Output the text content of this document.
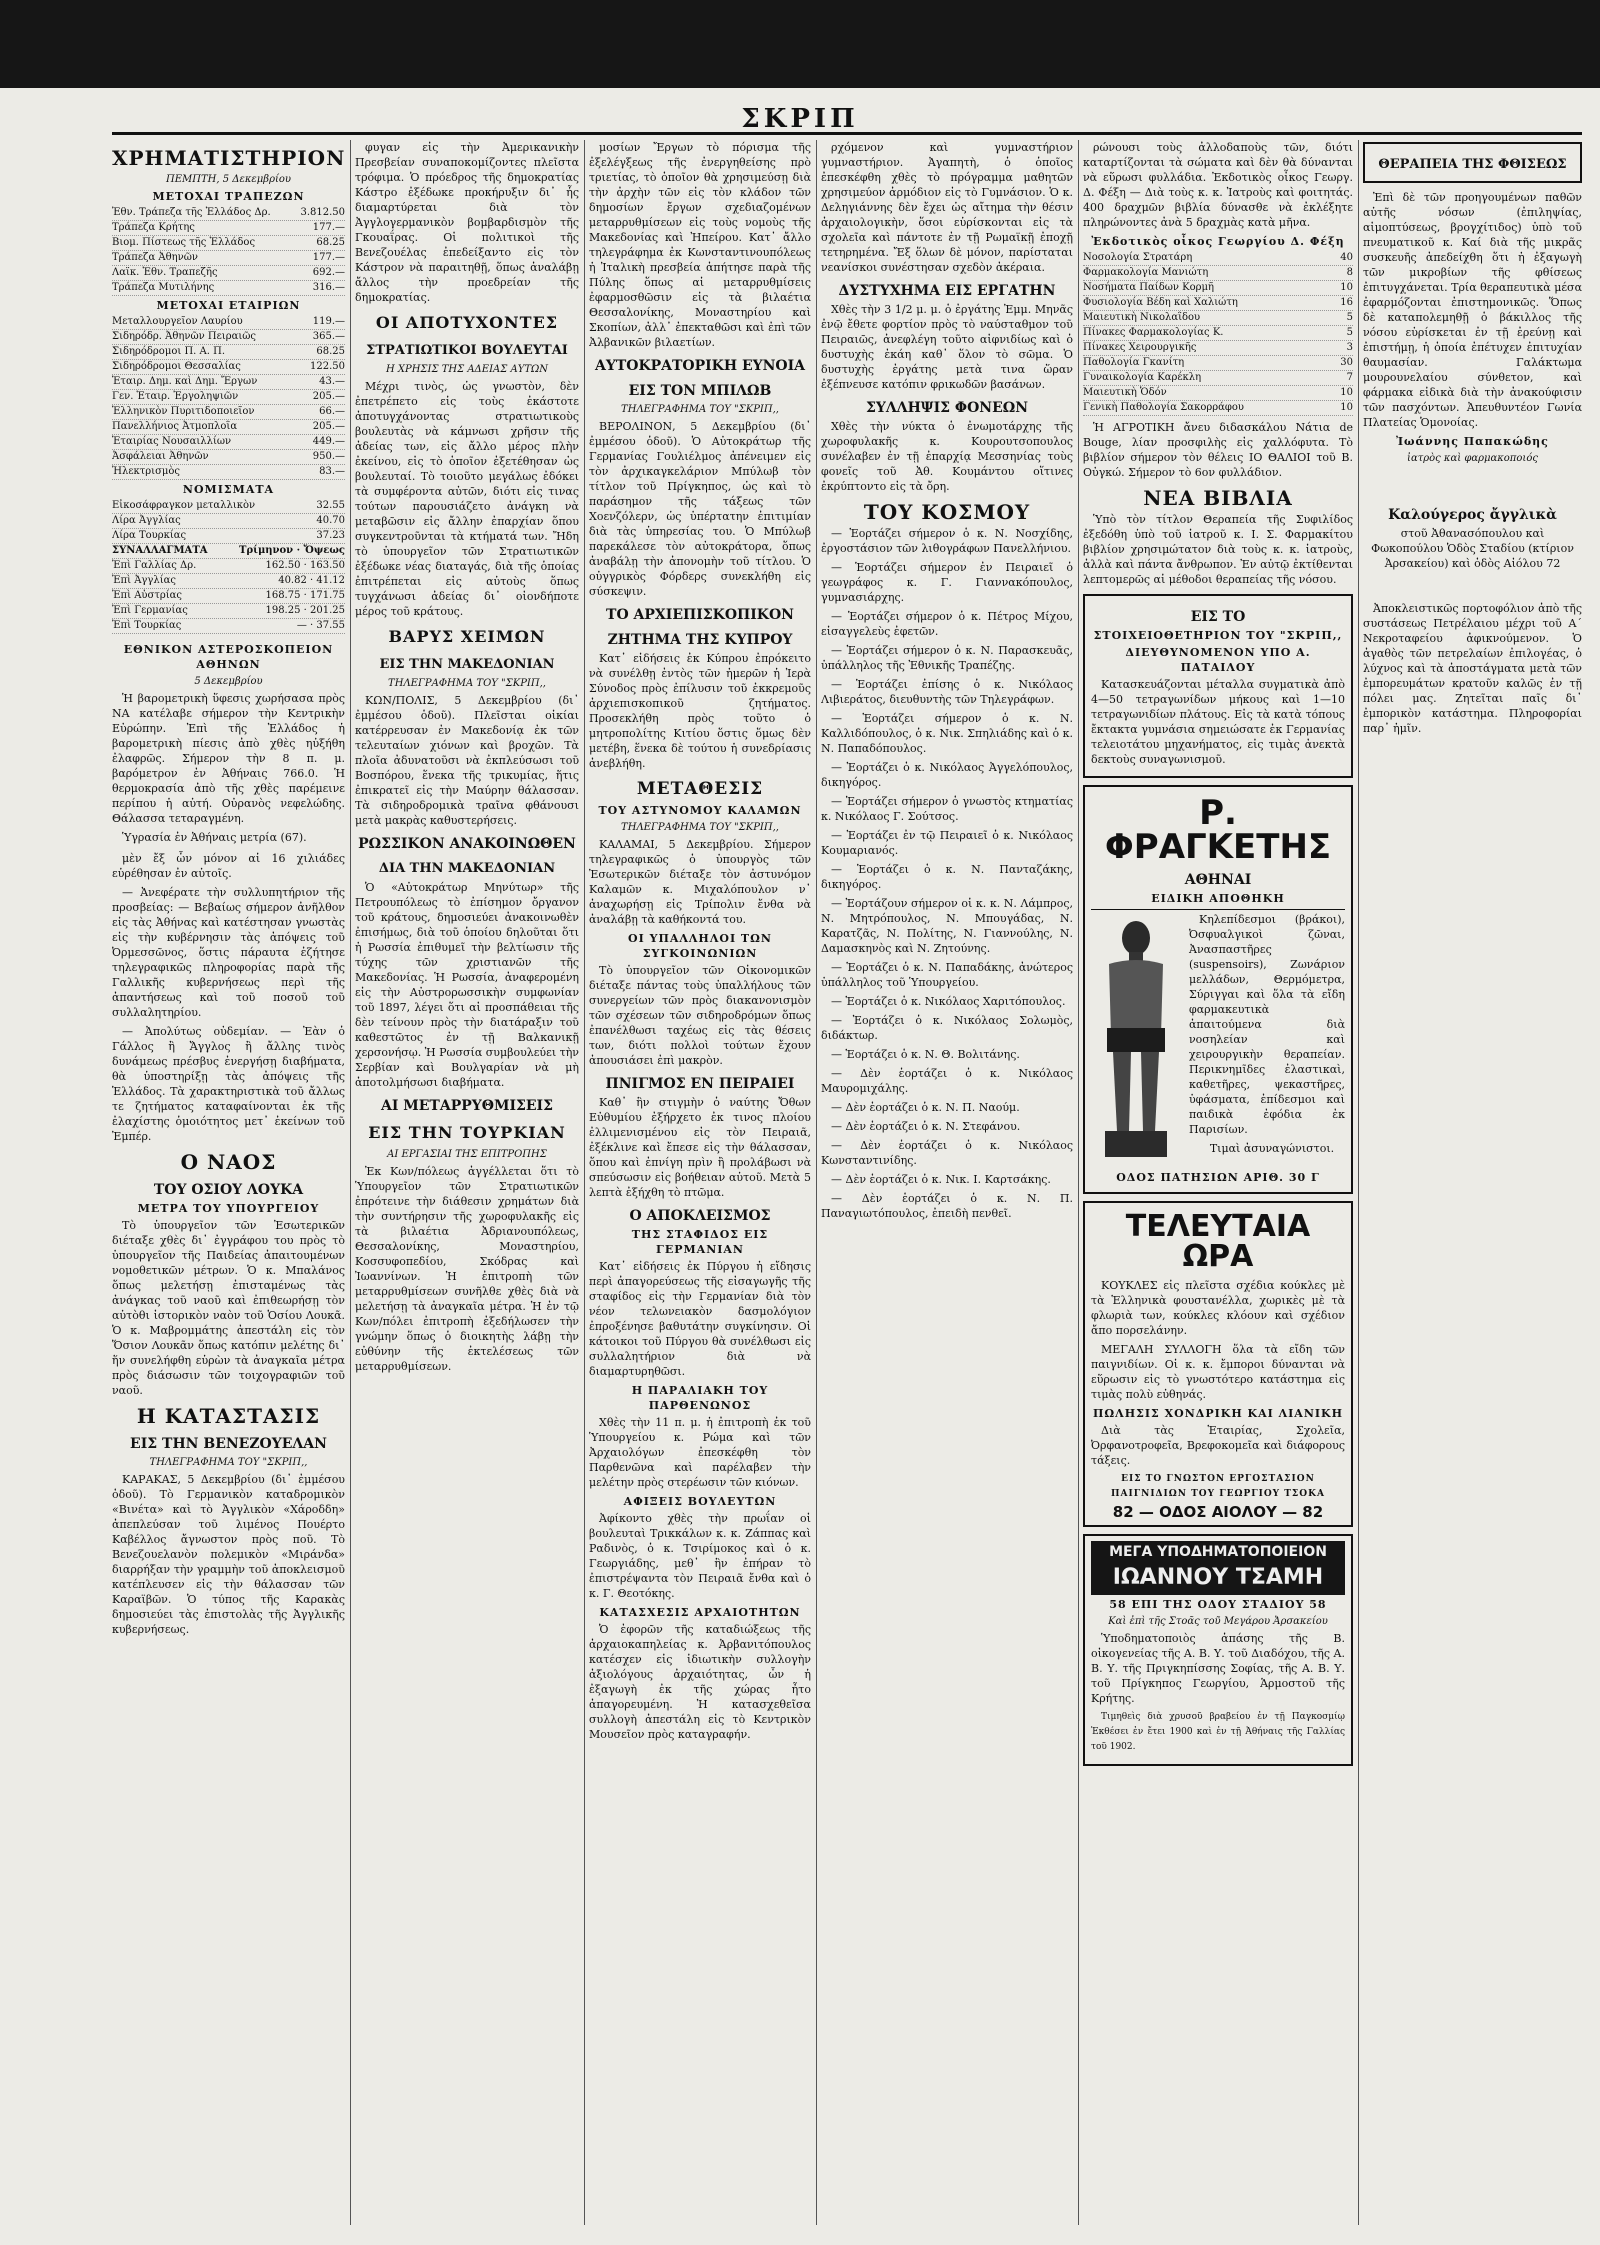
ΣΚΡΙΠ
ΧΡΗΜΑΤΙΣΤΗΡΙΟΝ
ΠΕΜΠΤΗ, 5 Δεκεμβρίου
ΜΕΤΟΧΑΙ ΤΡΑΠΕΖΩΝ
Ἐθν. Τράπεζα τῆς Ἑλλάδος Δρ.	3.812.50
Τράπεζα Κρήτης	177.—
Βιομ. Πίστεως τῆς Ἑλλάδος	68.25
Τράπεζα Ἀθηνῶν	177.—
Λαϊκ. Ἐθν. Τραπεζῆς	692.—
Τράπεζα Μυτιλήνης	316.—
ΜΕΤΟΧΑΙ ΕΤΑΙΡΙΩΝ
Μεταλλουργεῖον Λαυρίου	119.—
Σιδηρόδρ. Ἀθηνῶν Πειραιῶς	365.—
Σιδηρόδρομοι Π. Α. Π.	68.25
Σιδηρόδρομοι Θεσσαλίας	122.50
Ἑταιρ. Δημ. καὶ Δημ. Ἔργων	43.—
Γεν. Ἑταιρ. Ἐργοληψιῶν	205.—
Ἑλληνικὸν Πυριτιδοποιεῖον	66.—
Πανελλήνιος Ἀτμοπλοΐα	205.—
Ἑταιρίας Νουσαιλλίων	449.—
Ἀσφάλειαι Ἀθηνῶν	950.—
Ἠλεκτρισμὸς	83.—
ΝΟΜΙΣΜΑΤΑ
Εἰκοσάφραγκον μεταλλικὸν	32.55
Λίρα Ἀγγλίας	40.70
Λίρα Τουρκίας	37.23
ΣΥΝΑΛΛΑΓΜΑΤΑ	Τρίμηνον · Ὄψεως
Ἐπὶ Γαλλίας Δρ.	162.50 · 163.50
Ἐπὶ Ἀγγλίας	40.82 · 41.12
Ἐπὶ Αὐστρίας	168.75 · 171.75
Ἐπὶ Γερμανίας	198.25 · 201.25
Ἐπὶ Τουρκίας	— · 37.55
ΕΘΝΙΚΟΝ ΑΣΤΕΡΟΣΚΟΠΕΙΟΝ ΑΘΗΝΩΝ
5 Δεκεμβρίου

Ἡ βαρομετρικὴ ὕφεσις χωρήσασα πρὸς ΝΑ κατέλαβε σήμερον τὴν Κεντρικὴν Εὐρώπην. Ἐπὶ τῆς Ἑλλάδος ἡ βαρομετρικὴ πίεσις ἀπὸ χθὲς ηὐξήθη ἐλαφρῶς. Σήμερον τὴν 8 π. μ. βαρόμετρον ἐν Ἀθήναις 766.0. Ἡ θερμοκρασία ἀπὸ τῆς χθὲς παρέμεινε περίπου ἡ αὐτή. Οὐρανὸς νεφελώδης. Θάλασσα τεταραγμένη.

Ὑγρασία ἐν Ἀθήναις μετρία (67).

μὲν ἔξ ὧν μόνον αἱ 16 χιλιάδες εὑρέθησαν ἐν αὐτοῖς.

— Ἀνεφέρατε τὴν συλλυπητήριον τῆς προσβείας: — Βεβαίως σήμερον ἀνῆλθον εἰς τὰς Ἀθήνας καὶ κατέστησαν γνωστὰς εἰς τὴν κυβέρνησιν τὰς ἀπόψεις τοῦ Ὀρμεσσῶνος, ὅστις πάραυτα ἐζήτησε τηλεγραφικῶς πληροφορίας παρὰ τῆς Γαλλικῆς κυβερνήσεως περὶ τῆς ἀπαντήσεως καὶ τοῦ ποσοῦ τοῦ συλλαλητηρίου.

— Ἀπολύτως οὐδεμίαν. — Ἐὰν ὁ Γάλλος ἢ Ἄγγλος ἢ ἄλλης τινὸς δυνάμεως πρέσβυς ἐνεργήσῃ διαβήματα, θὰ ὑποστηρίξῃ τὰς ἀπόψεις τῆς Ἑλλάδος. Τὰ χαρακτηριστικὰ τοῦ ἄλλως τε ζητήματος καταφαίνονται ἐκ τῆς ἐλαχίστης ὁμοιότητος μετ᾽ ἐκείνων τοῦ Ἐμπέρ.

Ο ΝΑΟΣ
ΤΟΥ ΟΣΙΟΥ ΛΟΥΚΑ
ΜΕΤΡΑ ΤΟΥ ΥΠΟΥΡΓΕΙΟΥ

Τὸ ὑπουργεῖον τῶν Ἐσωτερικῶν διέταξε χθὲς δι᾽ ἐγγράφου του πρὸς τὸ ὑπουργεῖον τῆς Παιδείας ἀπαιτουμένων νομοθετικῶν μέτρων. Ὁ κ. Μπαλάνος ὅπως μελετήσῃ ἐπισταμένως τὰς ἀνάγκας τοῦ ναοῦ καὶ ἐπιθεωρήσῃ τὸν αὐτὸθι ἱστορικὸν ναὸν τοῦ Ὁσίου Λουκᾶ. Ὁ κ. Μαβρομμάτης ἀπεστάλη εἰς τὸν Ὅσιον Λουκᾶν ὅπως κατόπιν μελέτης δι᾽ ἥν συνελήφθη εὑρὼν τὰ ἀναγκαῖα μέτρα πρὸς διάσωσιν τῶν τοιχογραφιῶν τοῦ ναοῦ.

Η ΚΑΤΑΣΤΑΣΙΣ
ΕΙΣ ΤΗΝ ΒΕΝΕΖΟΥΕΛΑΝ
ΤΗΛΕΓΡΑΦΗΜΑ ΤΟΥ "ΣΚΡΙΠ,,

ΚΑΡΑΚΑΣ, 5 Δεκεμβρίου (δι᾽ ἐμμέσου ὁδοῦ). Τὸ Γερμανικὸν καταδρομικὸν «Βινέτα» καὶ τὸ Ἀγγλικὸν «Χάροδδη» ἀπεπλεύσαν τοῦ λιμένος Πουέρτο Καβέλλος ἄγνωστον πρὸς ποῦ. Τὸ Βενεζουελανὸν πολεμικὸν «Μιράνδα» διαρρήξαν τὴν γραμμὴν τοῦ ἀποκλεισμοῦ κατέπλευσεν εἰς τὴν θάλασσαν τῶν Καραϊβῶν. Ὁ τύπος τῆς Καρακὰς δημοσιεύει τὰς ἐπιστολὰς τῆς Ἀγγλικῆς κυβερνήσεως.

φυγαν εἰς τὴν Ἀμερικανικὴν Πρεσβείαν συναποκομίζοντες πλεῖστα τρόφιμα. Ὁ πρόεδρος τῆς δημοκρατίας Κάστρο ἐξέδωκε προκήρυξιν δι᾽ ἧς διαμαρτύρεται διὰ τὸν Ἀγγλογερμανικὸν βομβαρδισμὸν τῆς Γκουαΐρας. Οἱ πολιτικοὶ τῆς Βενεζουέλας ἐπεδείξαντο εἰς τὸν Κάστρον νὰ παραιτηθῇ, ὅπως ἀναλάβῃ ἄλλος τὴν προεδρείαν τῆς δημοκρατίας.

ΟΙ ΑΠΟΤΥΧΟΝΤΕΣ
ΣΤΡΑΤΙΩΤΙΚΟΙ ΒΟΥΛΕΥΤΑΙ
Η ΧΡΗΣΙΣ ΤΗΣ ΑΔΕΙΑΣ ΑΥΤΩΝ

Μέχρι τινὸς, ὡς γνωστὸν, δὲν ἐπετρέπετο εἰς τοὺς ἐκάστοτε ἀποτυγχάνοντας στρατιωτικοὺς βουλευτὰς νὰ κάμνωσι χρῆσιν τῆς ἀδείας των, εἰς ἄλλο μέρος πλὴν ἐκείνου, εἰς τὸ ὁποῖον ἐξετέθησαν ὡς βουλευταί. Τὸ τοιοῦτο μεγάλως ἐδόκει τὰ συμφέροντα αὐτῶν, διότι εἰς τινας τούτων παρουσιάζετο ἀνάγκη νὰ μεταβῶσιν εἰς ἄλλην ἐπαρχίαν ὅπου συγκεντροῦνται τὰ κτήματά των. Ἤδη τὸ ὑπουργεῖον τῶν Στρατιωτικῶν ἐξέδωκε νέας διαταγάς, διὰ τῆς ὁποίας ἐπιτρέπεται εἰς αὐτοὺς ὅπως τυγχάνωσι ἀδείας δι᾽ οἰονδήποτε μέρος τοῦ κράτους.

ΒΑΡΥΣ ΧΕΙΜΩΝ
ΕΙΣ ΤΗΝ ΜΑΚΕΔΟΝΙΑΝ
ΤΗΛΕΓΡΑΦΗΜΑ ΤΟΥ "ΣΚΡΙΠ,,

ΚΩΝ/ΠΟΛΙΣ, 5 Δεκεμβρίου (δι᾽ ἐμμέσου ὁδοῦ). Πλεῖσται οἰκίαι κατέρρευσαν ἐν Μακεδονίᾳ ἐκ τῶν τελευταίων χιόνων καὶ βροχῶν. Τὰ πλοῖα ἀδυνατοῦσι νὰ ἐκπλεύσωσι τοῦ Βοσπόρου, ἕνεκα τῆς τρικυμίας, ἥτις ἐπικρατεῖ εἰς τὴν Μαύρην θάλασσαν. Τὰ σιδηροδρομικὰ τραῖνα φθάνουσι μετὰ μακρὰς καθυστερήσεις.

ΡΩΣΣΙΚΟΝ ΑΝΑΚΟΙΝΩΘΕΝ
ΔΙΑ ΤΗΝ ΜΑΚΕΔΟΝΙΑΝ

Ὁ «Αὐτοκράτωρ Μηνύτωρ» τῆς Πετρουπόλεως τὸ ἐπίσημον ὄργανον τοῦ κράτους, δημοσιεύει ἀνακοινωθὲν ἐπισήμως, διὰ τοῦ ὁποίου δηλοῦται ὅτι ἡ Ρωσσία ἐπιθυμεῖ τὴν βελτίωσιν τῆς τύχης τῶν χριστιανῶν τῆς Μακεδονίας. Ἡ Ρωσσία, ἀναφερομένη εἰς τὴν Αὐστρορωσσικὴν συμφωνίαν τοῦ 1897, λέγει ὅτι αἱ προσπάθειαι τῆς δὲν τείνουν πρὸς τὴν διατάραξιν τοῦ καθεστῶτος ἐν τῇ Βαλκανικῇ χερσονήσῳ. Ἡ Ρωσσία συμβουλεύει τὴν Σερβίαν καὶ Βουλγαρίαν νὰ μὴ ἀποτολμήσωσι διαβήματα.

ΑΙ ΜΕΤΑΡΡΥΘΜΙΣΕΙΣ
ΕΙΣ ΤΗΝ ΤΟΥΡΚΙΑΝ
ΑΙ ΕΡΓΑΣΙΑΙ ΤΗΣ ΕΠΙΤΡΟΠΗΣ

Ἐκ Κων/πόλεως ἀγγέλλεται ὅτι τὸ Ὑπουργεῖον τῶν Στρατιωτικῶν ἐπρότεινε τὴν διάθεσιν χρημάτων διὰ τὴν συντήρησιν τῆς χωροφυλακῆς εἰς τὰ βιλαέτια Ἀδριανουπόλεως, Θεσσαλονίκης, Μοναστηρίου, Κοσσυφοπεδίου, Σκόδρας καὶ Ἰωαννίνων. Ἡ ἐπιτροπὴ τῶν μεταρρυθμίσεων συνῆλθε χθὲς διὰ νὰ μελετήσῃ τὰ ἀναγκαῖα μέτρα. Ἡ ἐν τῷ Κων/πόλει ἐπιτροπὴ ἐξεδήλωσεν τὴν γνώμην ὅπως ὁ διοικητὴς λάβῃ τὴν εὐθύνην τῆς ἐκτελέσεως τῶν μεταρρυθμίσεων.

μοσίων Ἔργων τὸ πόρισμα τῆς ἐξελέγξεως τῆς ἐνεργηθείσης πρὸ τριετίας, τὸ ὁποῖον θὰ χρησιμεύσῃ διὰ τὴν ἀρχὴν τῶν εἰς τὸν κλάδον τῶν δημοσίων ἔργων σχεδιαζομένων μεταρρυθμίσεων εἰς τοὺς νομοὺς τῆς Μακεδονίας καὶ Ἠπείρου. Κατ᾽ ἄλλο τηλεγράφημα ἐκ Κωνσταντινουπόλεως ἡ Ἰταλικὴ πρεσβεία ἀπήτησε παρὰ τῆς Πύλης ὅπως αἱ μεταρρυθμίσεις ἐφαρμοσθῶσιν εἰς τὰ βιλαέτια Θεσσαλονίκης, Μοναστηρίου καὶ Σκοπίων, ἀλλ᾽ ἐπεκταθῶσι καὶ ἐπὶ τῶν Ἀλβανικῶν βιλαετίων.

ΑΥΤΟΚΡΑΤΟΡΙΚΗ ΕΥΝΟΙΑ
ΕΙΣ ΤΟΝ ΜΠΙΛΩΒ
ΤΗΛΕΓΡΑΦΗΜΑ ΤΟΥ "ΣΚΡΙΠ,,

ΒΕΡΟΛΙΝΟΝ, 5 Δεκεμβρίου (δι᾽ ἐμμέσου ὁδοῦ). Ὁ Αὐτοκράτωρ τῆς Γερμανίας Γουλιέλμος ἀπένειμεν εἰς τὸν ἀρχικαγκελάριον Μπύλωβ τὸν τίτλον τοῦ Πρίγκηπος, ὡς καὶ τὸ παράσημον τῆς τάξεως τῶν Χοενζόλερν, ὡς ὑπέρτατην ἐπιτιμίαν διὰ τὰς ὑπηρεσίας του. Ὁ Μπύλωβ παρεκάλεσε τὸν αὐτοκράτορα, ὅπως ἀναβάλῃ τὴν ἀπονομὴν τοῦ τίτλου. Ὁ οὐγγρικὸς Φόρδερς συνεκλήθη εἰς σύσκεψιν.

ΤΟ ΑΡΧΙΕΠΙΣΚΟΠΙΚΟΝ
ΖΗΤΗΜΑ ΤΗΣ ΚΥΠΡΟΥ

Κατ᾽ εἰδήσεις ἐκ Κύπρου ἐπρόκειτο νὰ συνέλθῃ ἐντὸς τῶν ἡμερῶν ἡ Ἱερὰ Σύνοδος πρὸς ἐπίλυσιν τοῦ ἐκκρεμοῦς ἀρχιεπισκοπικοῦ ζητήματος. Προσεκλήθη πρὸς τοῦτο ὁ μητροπολίτης Κιτίου ὅστις ὅμως δὲν μετέβη, ἕνεκα δὲ τούτου ἡ συνεδρίασις ἀνεβλήθη.

ΜΕΤΑΘΕΣΙΣ
ΤΟΥ ΑΣΤΥΝΟΜΟΥ ΚΑΛΑΜΩΝ
ΤΗΛΕΓΡΑΦΗΜΑ ΤΟΥ "ΣΚΡΙΠ,,

ΚΑΛΑΜΑΙ, 5 Δεκεμβρίου. Σήμερον τηλεγραφικῶς ὁ ὑπουργὸς τῶν Ἐσωτερικῶν διέταξε τὸν ἀστυνόμον Καλαμῶν κ. Μιχαλόπουλον ν᾽ ἀναχωρήσῃ εἰς Τρίπολιν ἔνθα νὰ ἀναλάβῃ τὰ καθήκοντά του.

ΟΙ ΥΠΑΛΛΗΛΟΙ ΤΩΝ ΣΥΓΚΟΙΝΩΝΙΩΝ

Τὸ ὑπουργεῖον τῶν Οἰκονομικῶν διέταξε πάντας τοὺς ὑπαλλήλους τῶν συνεργείων τῶν πρὸς διακανονισμὸν τῶν σχέσεων τῶν σιδηροδρόμων ὅπως ἐπανέλθωσι ταχέως εἰς τὰς θέσεις των, διότι πολλοὶ τούτων ἔχουν ἀπουσιάσει ἐπὶ μακρὸν.

ΠΝΙΓΜΟΣ ΕΝ ΠΕΙΡΑΙΕΙ

Καθ᾽ ἣν στιγμὴν ὁ ναύτης Ὄθων Εὐθυμίου ἐξήρχετο ἐκ τινος πλοίου ἐλλιμενισμένου εἰς τὸν Πειραιᾶ, ἐξέκλινε καὶ ἔπεσε εἰς τὴν θάλασσαν, ὅπου καὶ ἐπνίγη πρὶν ἢ προλάβωσι νὰ σπεύσωσιν εἰς βοήθειαν αὐτοῦ. Μετὰ 5 λεπτὰ ἐξήχθη τὸ πτῶμα.

Ο ΑΠΟΚΛΕΙΣΜΟΣ
ΤΗΣ ΣΤΑΦΙΔΟΣ ΕΙΣ ΓΕΡΜΑΝΙΑΝ

Κατ᾽ εἰδήσεις ἐκ Πύργου ἡ εἴδησις περὶ ἀπαγορεύσεως τῆς εἰσαγωγῆς τῆς σταφίδος εἰς τὴν Γερμανίαν διὰ τὸν νέον τελωνειακὸν δασμολόγιον ἐπροξένησε βαθυτάτην συγκίνησιν. Οἱ κάτοικοι τοῦ Πύργου θὰ συνέλθωσι εἰς συλλαλητήριον διὰ νὰ διαμαρτυρηθῶσι.

Η ΠΑΡΑΛΙΑΚΗ ΤΟΥ ΠΑΡΘΕΝΩΝΟΣ

Χθὲς τὴν 11 π. μ. ἡ ἐπιτροπὴ ἐκ τοῦ Ὑπουργείου κ. Ρώμα καὶ τῶν Ἀρχαιολόγων ἐπεσκέφθη τὸν Παρθενῶνα καὶ παρέλαβεν τὴν μελέτην πρὸς στερέωσιν τῶν κιόνων.

ΑΦΙΞΕΙΣ ΒΟΥΛΕΥΤΩΝ

Ἀφίκοντο χθὲς τὴν πρωΐαν οἱ βουλευταὶ Τρικκάλων κ. κ. Ζάππας καὶ Ραδινὸς, ὁ κ. Τσιρίμοκος καὶ ὁ κ. Γεωργιάδης, μεθ᾽ ἣν ἐπήραν τὸ ἐπιστρέψαντα τὸν Πειραιᾶ ἔνθα καὶ ὁ κ. Γ. Θεοτόκης.

ΚΑΤΑΣΧΕΣΙΣ ΑΡΧΑΙΟΤΗΤΩΝ

Ὁ ἐφορῶν τῆς καταδιώξεως τῆς ἀρχαιοκαπηλείας κ. Ἀρβανιτόπουλος κατέσχεν εἰς ἰδιωτικὴν συλλογὴν ἀξιολόγους ἀρχαιότητας, ὧν ἡ ἐξαγωγὴ ἐκ τῆς χώρας ἦτο ἀπαγορευμένη. Ἡ κατασχεθεῖσα συλλογὴ ἀπεστάλη εἰς τὸ Κεντρικὸν Μουσεῖον πρὸς καταγραφήν.

ρχόμενον καὶ γυμναστήριον γυμναστήριον. Ἀγαπητὴ, ὁ ὁποῖος ἐπεσκέφθη χθὲς τὸ πρόγραμμα μαθητῶν χρησιμεύον ἀρμόδιον εἰς τὸ Γυμνάσιον. Ὁ κ. Δεληγιάννης δὲν ἔχει ὡς αἴτημα τὴν θέσιν ἀρχαιολογικὴν, ὅσοι εὑρίσκονται εἰς τὰ σχολεῖα καὶ πάντοτε ἐν τῇ Ρωμαϊκῇ ἐποχῇ τετηρημένα. Ἔξ ὅλων δὲ μόνον, παρίσταται νεανίσκοι συνέστησαν σχεδὸν ἀκέραια.

ΔΥΣΤΥΧΗΜΑ ΕΙΣ ΕΡΓΑΤΗΝ

Χθὲς τὴν 3 1/2 μ. μ. ὁ ἐργάτης Ἐμμ. Μηνᾶς ἐνῷ ἔθετε φορτίον πρὸς τὸ ναύσταθμον τοῦ Πειραιῶς, ἀνεφλέγη τοῦτο αἰφνιδίως καὶ ὁ δυστυχὴς ἐκάη καθ᾽ ὅλον τὸ σῶμα. Ὁ δυστυχὴς ἐργάτης μετὰ τινα ὥραν ἐξέπνευσε κατόπιν φρικωδῶν βασάνων.

ΣΥΛΛΗΨΙΣ ΦΟΝΕΩΝ

Χθὲς τὴν νύκτα ὁ ἐνωμοτάρχης τῆς χωροφυλακῆς κ. Κουρουτσοπουλος συνέλαβεν ἐν τῇ ἐπαρχίᾳ Μεσσηνίας τοὺς φονεῖς τοῦ Ἀθ. Κουμάντου οἵτινες ἐκρύπτοντο εἰς τὰ ὄρη.

ΤΟΥ ΚΟΣΜΟΥ

— Ἑορτάζει σήμερον ὁ κ. Ν. Νοσχίδης, ἐργοστάσιον τῶν λιθογράφων Πανελλήνιου.

— Ἑορτάζει σήμερον ἐν Πειραιεῖ ὁ γεωγράφος κ. Γ. Γιαννακόπουλος, γυμνασιάρχης.

— Ἑορτάζει σήμερον ὁ κ. Πέτρος Μίχου, εἰσαγγελεὺς ἐφετῶν.

— Ἑορτάζει σήμερον ὁ κ. Ν. Παρασκευᾶς, ὑπάλληλος τῆς Ἐθνικῆς Τραπέζης.

— Ἑορτάζει ἐπίσης ὁ κ. Νικόλαος Λιβιεράτος, διευθυντὴς τῶν Τηλεγράφων.

— Ἑορτάζει σήμερον ὁ κ. Ν. Καλλιδόπουλος, ὁ κ. Νικ. Σπηλιάδης καὶ ὁ κ. Ν. Παπαδόπουλος.

— Ἑορτάζει ὁ κ. Νικόλαος Ἀγγελόπουλος, δικηγόρος.

— Ἑορτάζει σήμερον ὁ γνωστὸς κτηματίας κ. Νικόλαος Γ. Σούτσος.

— Ἑορτάζει ἐν τῷ Πειραιεῖ ὁ κ. Νικόλαος Κουμαριανός.

— Ἑορτάζει ὁ κ. Ν. Πανταζάκης, δικηγόρος.

— Ἑορτάζουν σήμερον οἱ κ. κ. Ν. Λάμπρος, Ν. Μητρόπουλος, Ν. Μπουγάδας, Ν. Καρατζᾶς, Ν. Πολίτης, Ν. Γιαννούλης, Ν. Δαμασκηνὸς καὶ Ν. Ζητούνης.

— Ἑορτάζει ὁ κ. Ν. Παπαδάκης, ἀνώτερος ὑπάλληλος τοῦ Ὑπουργείου.

— Ἑορτάζει ὁ κ. Νικόλαος Χαριτόπουλος.

— Ἑορτάζει ὁ κ. Νικόλαος Σολωμὸς, διδάκτωρ.

— Ἑορτάζει ὁ κ. Ν. Θ. Βολιτάνης.

— Δὲν ἑορτάζει ὁ κ. Νικόλαος Μαυρομιχάλης.

— Δὲν ἑορτάζει ὁ κ. Ν. Π. Ναούμ.

— Δὲν ἑορτάζει ὁ κ. Ν. Στεφάνου.

— Δὲν ἑορτάζει ὁ κ. Νικόλαος Κωνσταντινίδης.

— Δὲν ἑορτάζει ὁ κ. Νικ. Ι. Καρτσάκης.

— Δὲν ἑορτάζει ὁ κ. Ν. Π. Παναγιωτόπουλος, ἐπειδὴ πενθεῖ.

ρώνουσι τοὺς ἀλλοδαποὺς τῶν, διότι καταρτίζονται τὰ σώματα καὶ δὲν θὰ δύνανται νὰ εὕρωσι φυλλάδια. Ἐκδοτικὸς οἶκος Γεωργ. Δ. Φέξη — Διὰ τοὺς κ. κ. Ἰατροὺς καὶ φοιτητάς. 400 δραχμῶν βιβλία δύνασθε νὰ ἐκλέξητε πληρώνοντες ἀνὰ 5 δραχμὰς κατὰ μῆνα.

Ἐκδοτικὸς οἶκος Γεωργίου Δ. Φέξη
Νοσολογία Στρατάρη	40
Φαρμακολογία Μανιώτη	8
Νοσήματα Παίδων Κορμῆ	10
Φυσιολογία Βέδη καὶ Χαλιώτη	16
Μαιευτικὴ Νικολαΐδου	5
Πίνακες Φαρμακολογίας Κ.	5
Πίνακες Χειρουργικῆς	3
Παθολογία Γκανίτη	30
Γυναικολογία Καρέκλη	7
Μαιευτικὴ Ὁδόν	10
Γενικὴ Παθολογία Σακορράφου	10

Ἡ ΑΓΡΟΤΙΚΗ ἄνευ διδασκάλου Νάτια de Bouge, λίαν προσφιλὴς εἰς χαλλόφυτα. Τὸ βιβλίον σήμερον τὸν θέλεις ΙΟ ΘΑΛΙΟΙ τοῦ Β. Οὐγκώ. Σήμερον τὸ 6ον φυλλάδιον.

ΝΕΑ ΒΙΒΛΙΑ

Ὑπὸ τὸν τίτλον Θεραπεία τῆς Συφιλίδος ἐξεδόθη ὑπὸ τοῦ ἰατροῦ κ. Ι. Σ. Φαρμακίτου βιβλίον χρησιμώτατον διὰ τοὺς κ. κ. ἰατροὺς, ἀλλὰ καὶ πάντα ἄνθρωπον. Ἐν αὐτῷ ἐκτίθενται λεπτομερῶς αἱ μέθοδοι θεραπείας τῆς νόσου.

ΕΙΣ ΤΟ
ΣΤΟΙΧΕΙΟΘΕΤΗΡΙΟΝ ΤΟΥ "ΣΚΡΙΠ,,
ΔΙΕΥΘΥΝΟΜΕΝΟΝ ΥΠΟ Α. ΠΑΤΑΙΛΟΥ

Κατασκευάζονται μέταλλα συγματικὰ ἀπὸ 4—50 τετραγωνίδων μήκους καὶ 1—10 τετραγωνιδίων πλάτους. Εἰς τὰ κατὰ τόπους ἔκτακτα γυμνάσια σημειώσατε ἐκ Γερμανίας τελειοτάτου μηχανήματος, εἰς τιμὰς ἀνεκτὰ δεκτοὺς συναγωνισμοῦ.

Ρ. ΦΡΑΓΚΕΤΗΣ
ΑΘΗΝΑΙ
ΕΙΔΙΚΗ ΑΠΟΘΗΚΗ

Κηλεπίδεσμοι (βράκοι), Ὀσφυαλγικοὶ ζῶναι, Ἀνασπαστῆρες (suspensoirs), Ζωνάριον μελλάδων, Θερμόμετρα, Σύριγγαι καὶ ὅλα τὰ εἴδη φαρμακευτικὰ ἀπαιτούμενα διὰ νοσηλείαν καὶ χειρουργικὴν θεραπείαν. Περικνημῖδες ἐλαστικαὶ, καθετῆρες, ψεκαστῆρες, ὑφάσματα, ἐπίδεσμοι καὶ παιδικὰ ἐφόδια ἐκ Παρισίων.

Τιμαὶ ἀσυναγώνιστοι.

ΟΔΟΣ ΠΑΤΗΣΙΩΝ ΑΡΙΘ. 30 Γ
ΤΕΛΕΥΤΑΙΑ ΩΡΑ

ΚΟΥΚΛΕΣ εἰς πλεῖστα σχέδια κούκλες μὲ τὰ Ἑλληνικὰ φουστανέλλα, χωρικὲς μὲ τὰ φλωριὰ των, κούκλες κλόουν καὶ σχέδιον ἄπο πορσελάνην.

ΜΕΓΑΛΗ ΣΥΛΛΟΓΗ ὅλα τὰ εἴδη τῶν παιγνιδίων. Οἱ κ. κ. ἔμποροι δύνανται νὰ εὕρωσιν εἰς τὸ γνωστότερο κατάστημα εἰς τιμὰς πολὺ εὐθηνάς.

ΠΩΛΗΣΙΣ ΧΟΝΔΡΙΚΗ ΚΑΙ ΛΙΑΝΙΚΗ

Διὰ τὰς Ἑταιρίας, Σχολεῖα, Ὀρφανοτροφεῖα, Βρεφοκομεῖα καὶ διάφορους τάξεις.

ΕΙΣ ΤΟ ΓΝΩΣΤΟΝ ΕΡΓΟΣΤΑΣΙΟΝ ΠΑΙΓΝΙΔΙΩΝ ΤΟΥ ΓΕΩΡΓΙΟΥ ΤΣΟΚΑ
82 — ΟΔΟΣ ΑΙΟΛΟΥ — 82
ΜΕΓΑ ΥΠΟΔΗΜΑΤΟΠΟΙΕΙΟΝ
ΙΩΑΝΝΟΥ ΤΣΑΜΗ
58 ΕΠΙ ΤΗΣ ΟΔΟΥ ΣΤΑΔΙΟΥ 58
Καὶ ἐπὶ τῆς Στοᾶς τοῦ Μεγάρου Ἀρσακείου

Ὑποδηματοποιὸς ἁπάσης τῆς Β. οἰκογενείας τῆς Α. Β. Υ. τοῦ Διαδόχου, τῆς Α. Β. Υ. τῆς Πριγκηπίσσης Σοφίας, τῆς Α. Β. Υ. τοῦ Πρίγκηπος Γεωργίου, Ἁρμοστοῦ τῆς Κρήτης.

Τιμηθεὶς διὰ χρυσοῦ βραβείου ἐν τῇ Παγκοσμίῳ Ἐκθέσει ἐν ἔτει 1900 καὶ ἐν τῇ Ἀθήναις τῆς Γαλλίας τοῦ 1902.

ΘΕΡΑΠΕΙΑ ΤΗΣ ΦΘΙΣΕΩΣ

Ἐπὶ δὲ τῶν προηγουμένων παθῶν αὐτῆς νόσων (ἐπιληψίας, αἱμοπτύσεως, βρογχίτιδος) ὑπὸ τοῦ πνευματικοῦ κ. Καί διὰ τῆς μικρᾶς συσκευῆς ἀπεδείχθη ὅτι ἡ ἐξαγωγὴ τῶν μικροβίων τῆς φθίσεως ἐπιτυγχάνεται. Τρία θεραπευτικὰ μέσα ἐφαρμόζονται ἐπιστημονικῶς. Ὅπως δὲ καταπολεμηθῇ ὁ βάκιλλος τῆς νόσου εὑρίσκεται ἐν τῇ ἐρεύνῃ καὶ ἐπιστήμῃ, ἡ ὁποία ἐπέτυχεν ἐπιτυχίαν θαυμασίαν. Γαλάκτωμα μουρουνελαίου σύνθετον, καὶ φάρμακα εἰδικὰ διὰ τὴν ἀνακούφισιν τῶν πασχόντων. Ἀπευθυντέον Γωνία Πλατείας Ὁμονοίας.

Ἰωάννης Παπακώδης
ἰατρὸς καὶ φαρμακοποιός
Καλούγερος ἄγγλικὰ

στοῦ Ἀθανασόπουλου καὶ Φωκοπούλου Ὁδὸς Σταδίου (κτίριον Ἀρσακείου) καὶ ὁδὸς Αἰόλου 72

Ἀποκλειστικῶς πορτοφόλιον ἀπὸ τῆς συστάσεως Πετρέλαιου μέχρι τοῦ Α΄ Νεκροταφείου ἀφικνούμενον. Ὁ ἀγαθὸς τῶν πετρελαίων ἐπιλογέας, ὁ λύχνος καὶ τὰ ἀποστάγματα μετὰ τῶν ἐμπορευμάτων κρατοῦν καλῶς ἐν τῇ πόλει μας. Ζητεῖται παῖς δι᾽ ἐμπορικὸν κατάστημα. Πληροφορίαι παρ᾽ ἡμῖν.
